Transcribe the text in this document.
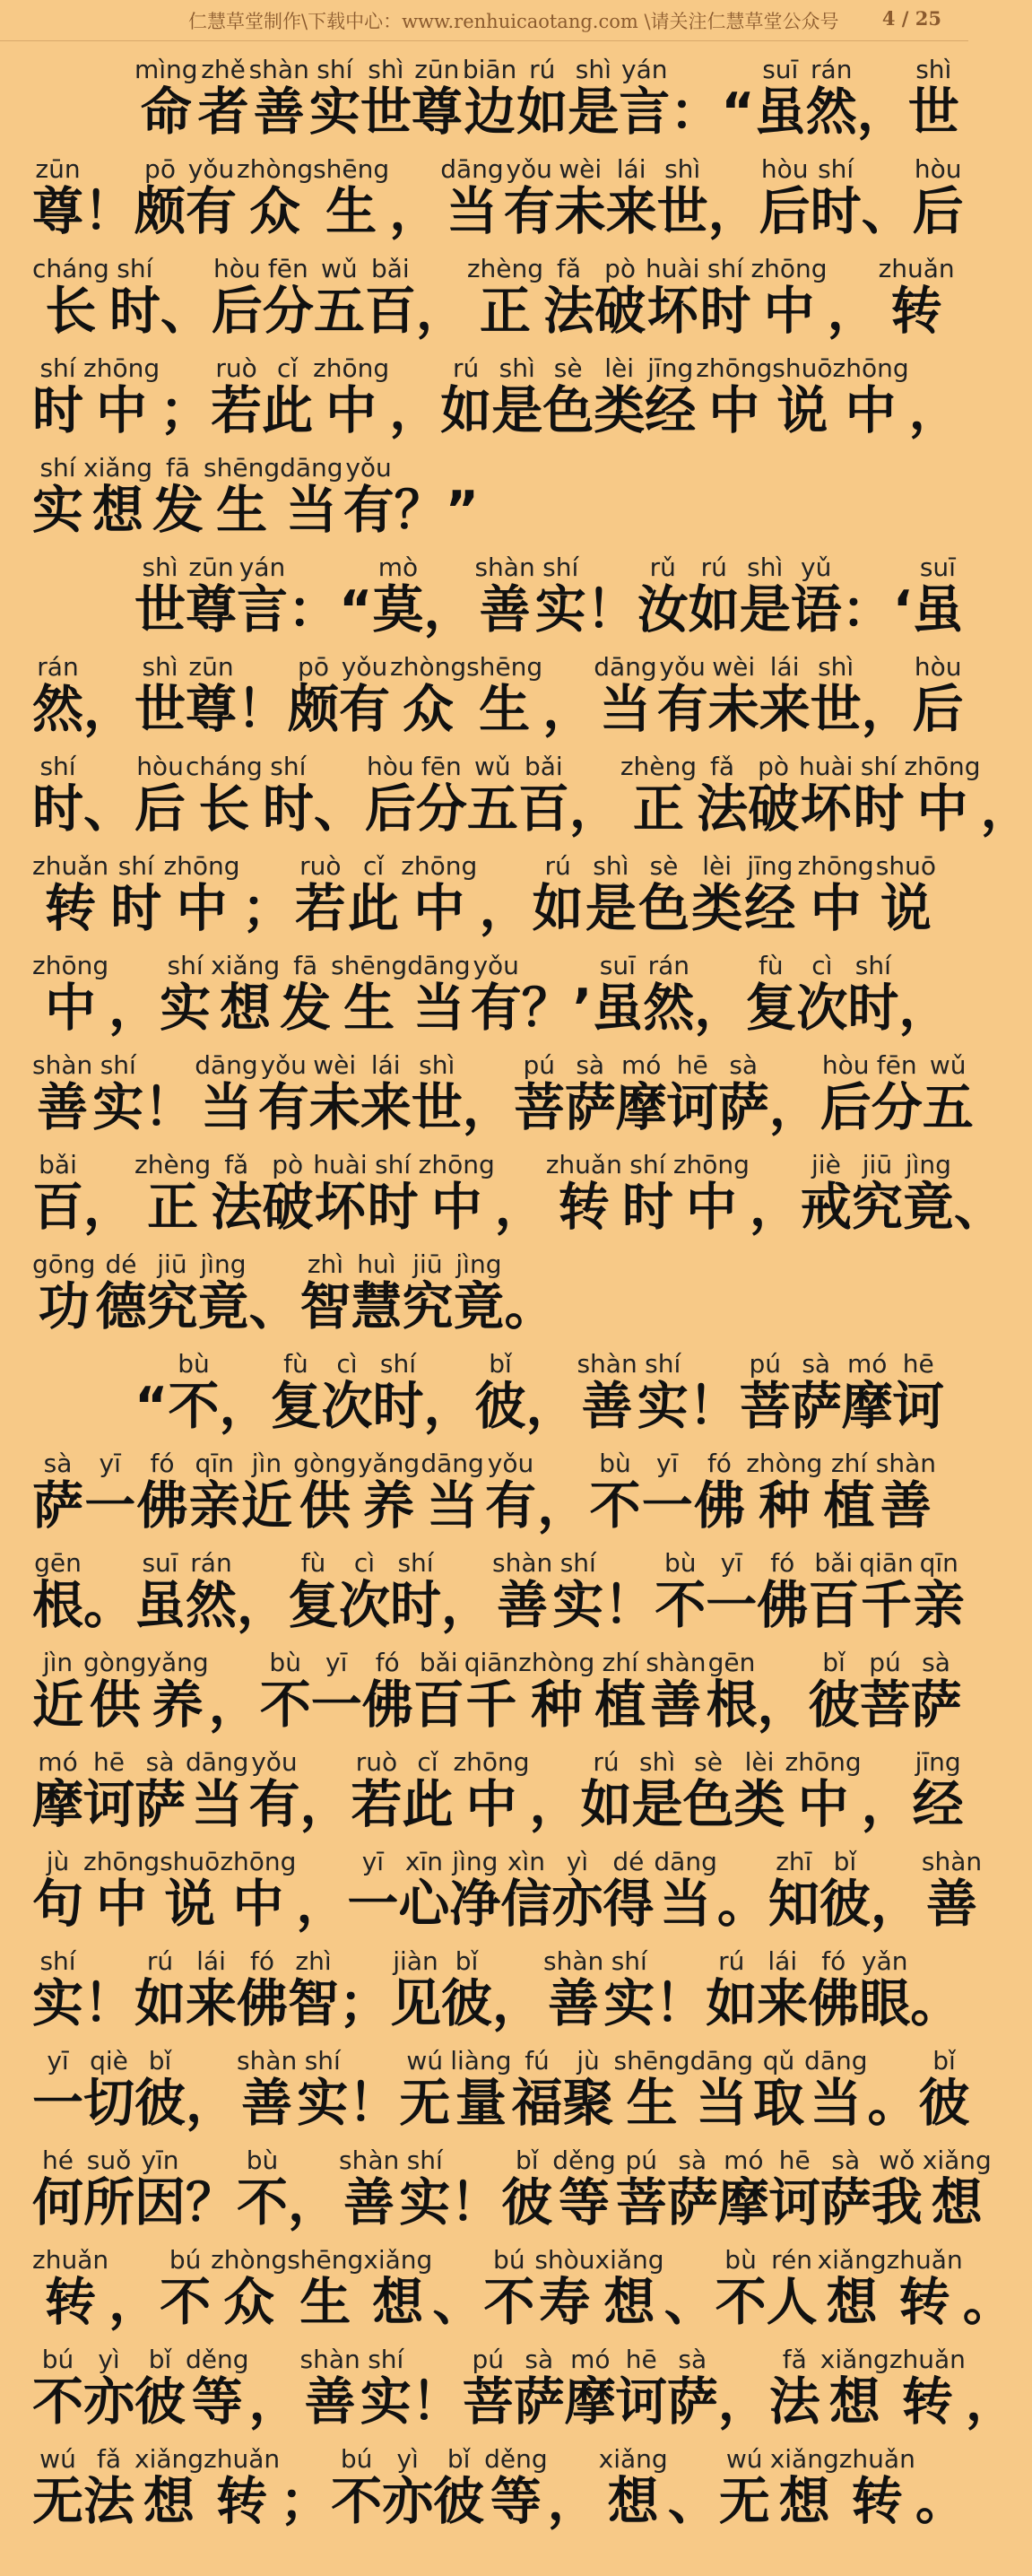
仁慧草堂制作\下载中心：www.renhuicaotang.com \请关注仁慧草堂公众号 4 / 25
mìng
命
zhě
者
shàn
善
shí
实
shì
世
zūn
尊
biān
边
rú
如
shì
是
yán
言 ：“
suī
虽
rán
然 ，
shì
世
zūn
尊 ！
pō
颇
yǒu
有
zhòng
众
shēng
生 ，
dāng
当
yǒu
有
wèi
未
lái
来
shì
世 ，
hòu
后
shí
时 、
hòu
后
cháng
长
shí
时 、
hòu
后
fēn
分
wǔ
五
bǎi
百 ，
zhèng
正
fǎ
法
pò
破
huài
坏
shí
时
zhōng
中 ，
zhuǎn
转
shí
时
zhōng
中 ；
ruò
若
cǐ
此
zhōng
中 ，
rú
如
shì
是
sè
色
lèi
类
jīng
经
zhōng
中
shuō
说
zhōng
中 ，
shí
实
xiǎng
想
fā
发
shēng
生
dāng
当
yǒu
有 ？”
shì
世
zūn
尊
yán
言 ：“
mò
莫 ，
shàn
善
shí
实 ！
rǔ
汝
rú
如
shì
是
yǔ
语 ：‘
suī
虽
rán
然 ，
shì
世
zūn
尊 ！
pō
颇
yǒu
有
zhòng
众
shēng
生 ，
dāng
当
yǒu
有
wèi
未
lái
来
shì
世 ，
hòu
后
shí
时 、
hòu
后
cháng
长
shí
时 、
hòu
后
fēn
分
wǔ
五
bǎi
百 ，
zhèng
正
fǎ
法
pò
破
huài
坏
shí
时
zhōng
中 ，
zhuǎn
转
shí
时
zhōng
中 ；
ruò
若
cǐ
此
zhōng
中 ，
rú
如
shì
是
sè
色
lèi
类
jīng
经
zhōng
中
shuō
说
zhōng
中 ，
shí
实
xiǎng
想
fā
发
shēng
生
dāng
当
yǒu
有 ？’
suī
虽
rán
然 ，
fù
复
cì
次
shí
时 ，
shàn
善
shí
实 ！
dāng
当
yǒu
有
wèi
未
lái
来
shì
世 ，
pú
菩
sà
萨
mó
摩
hē
诃
sà
萨 ，
hòu
后
fēn
分
wǔ
五
bǎi
百 ，
zhèng
正
fǎ
法
pò
破
huài
坏
shí
时
zhōng
中 ，
zhuǎn
转
shí
时
zhōng
中 ，
jiè
戒
jiū
究
jìng
竟 、
gōng
功
dé
德
jiū
究
jìng
竟 、
zhì
智
huì
慧
jiū
究
jìng
竟 。
“
bù
不 ，
fù
复
cì
次
shí
时 ，
bǐ
彼 ，
shàn
善
shí
实 ！
pú
菩
sà
萨
mó
摩
hē
诃
sà
萨
yī
一
fó
佛
qīn
亲
jìn
近
gòng
供
yǎng
养
dāng
当
yǒu
有 ，
bù
不
yī
一
fó
佛
zhòng
种
zhí
植
shàn
善
gēn
根 。
suī
虽
rán
然 ，
fù
复
cì
次
shí
时 ，
shàn
善
shí
实 ！
bù
不
yī
一
fó
佛
bǎi
百
qiān
千
qīn
亲
jìn
近
gòng
供
yǎng
养 ，
bù
不
yī
一
fó
佛
bǎi
百
qiān
千
zhòng
种
zhí
植
shàn
善
gēn
根 ，
bǐ
彼
pú
菩
sà
萨
mó
摩
hē
诃
sà
萨
dāng
当
yǒu
有 ，
ruò
若
cǐ
此
zhōng
中 ，
rú
如
shì
是
sè
色
lèi
类
zhōng
中 ，
jīng
经
jù
句
zhōng
中
shuō
说
zhōng
中 ，
yī
一
xīn
心
jìng
净
xìn
信
yì
亦
dé
得
dāng
当 。
zhī
知
bǐ
彼 ，
shàn
善
shí
实 ！
rú
如
lái
来
fó
佛
zhì
智 ；
jiàn
见
bǐ
彼 ，
shàn
善
shí
实 ！
rú
如
lái
来
fó
佛
yǎn
眼 。
yī
一
qiè
切
bǐ
彼 ，
shàn
善
shí
实 ！
wú
无
liàng
量
fú
福
jù
聚
shēng
生
dāng
当
qǔ
取
dāng
当 。
bǐ
彼
hé
何
suǒ
所
yīn
因 ？
bù
不 ，
shàn
善
shí
实 ！
bǐ
彼
děng
等
pú
菩
sà
萨
mó
摩
hē
诃
sà
萨
wǒ
我
xiǎng
想
zhuǎn
转 ，
bú
不
zhòng
众
shēng
生
xiǎng
想 、
bú
不
shòu
寿
xiǎng
想 、
bù
不
rén
人
xiǎng
想
zhuǎn
转 。
bú
不
yì
亦
bǐ
彼
děng
等 ，
shàn
善
shí
实 ！
pú
菩
sà
萨
mó
摩
hē
诃
sà
萨 ，
fǎ
法
xiǎng
想
zhuǎn
转 ，
wú
无
fǎ
法
xiǎng
想
zhuǎn
转 ；
bú
不
yì
亦
bǐ
彼
děng
等 ，
xiǎng
想 、
wú
无
xiǎng
想
zhuǎn
转 。
